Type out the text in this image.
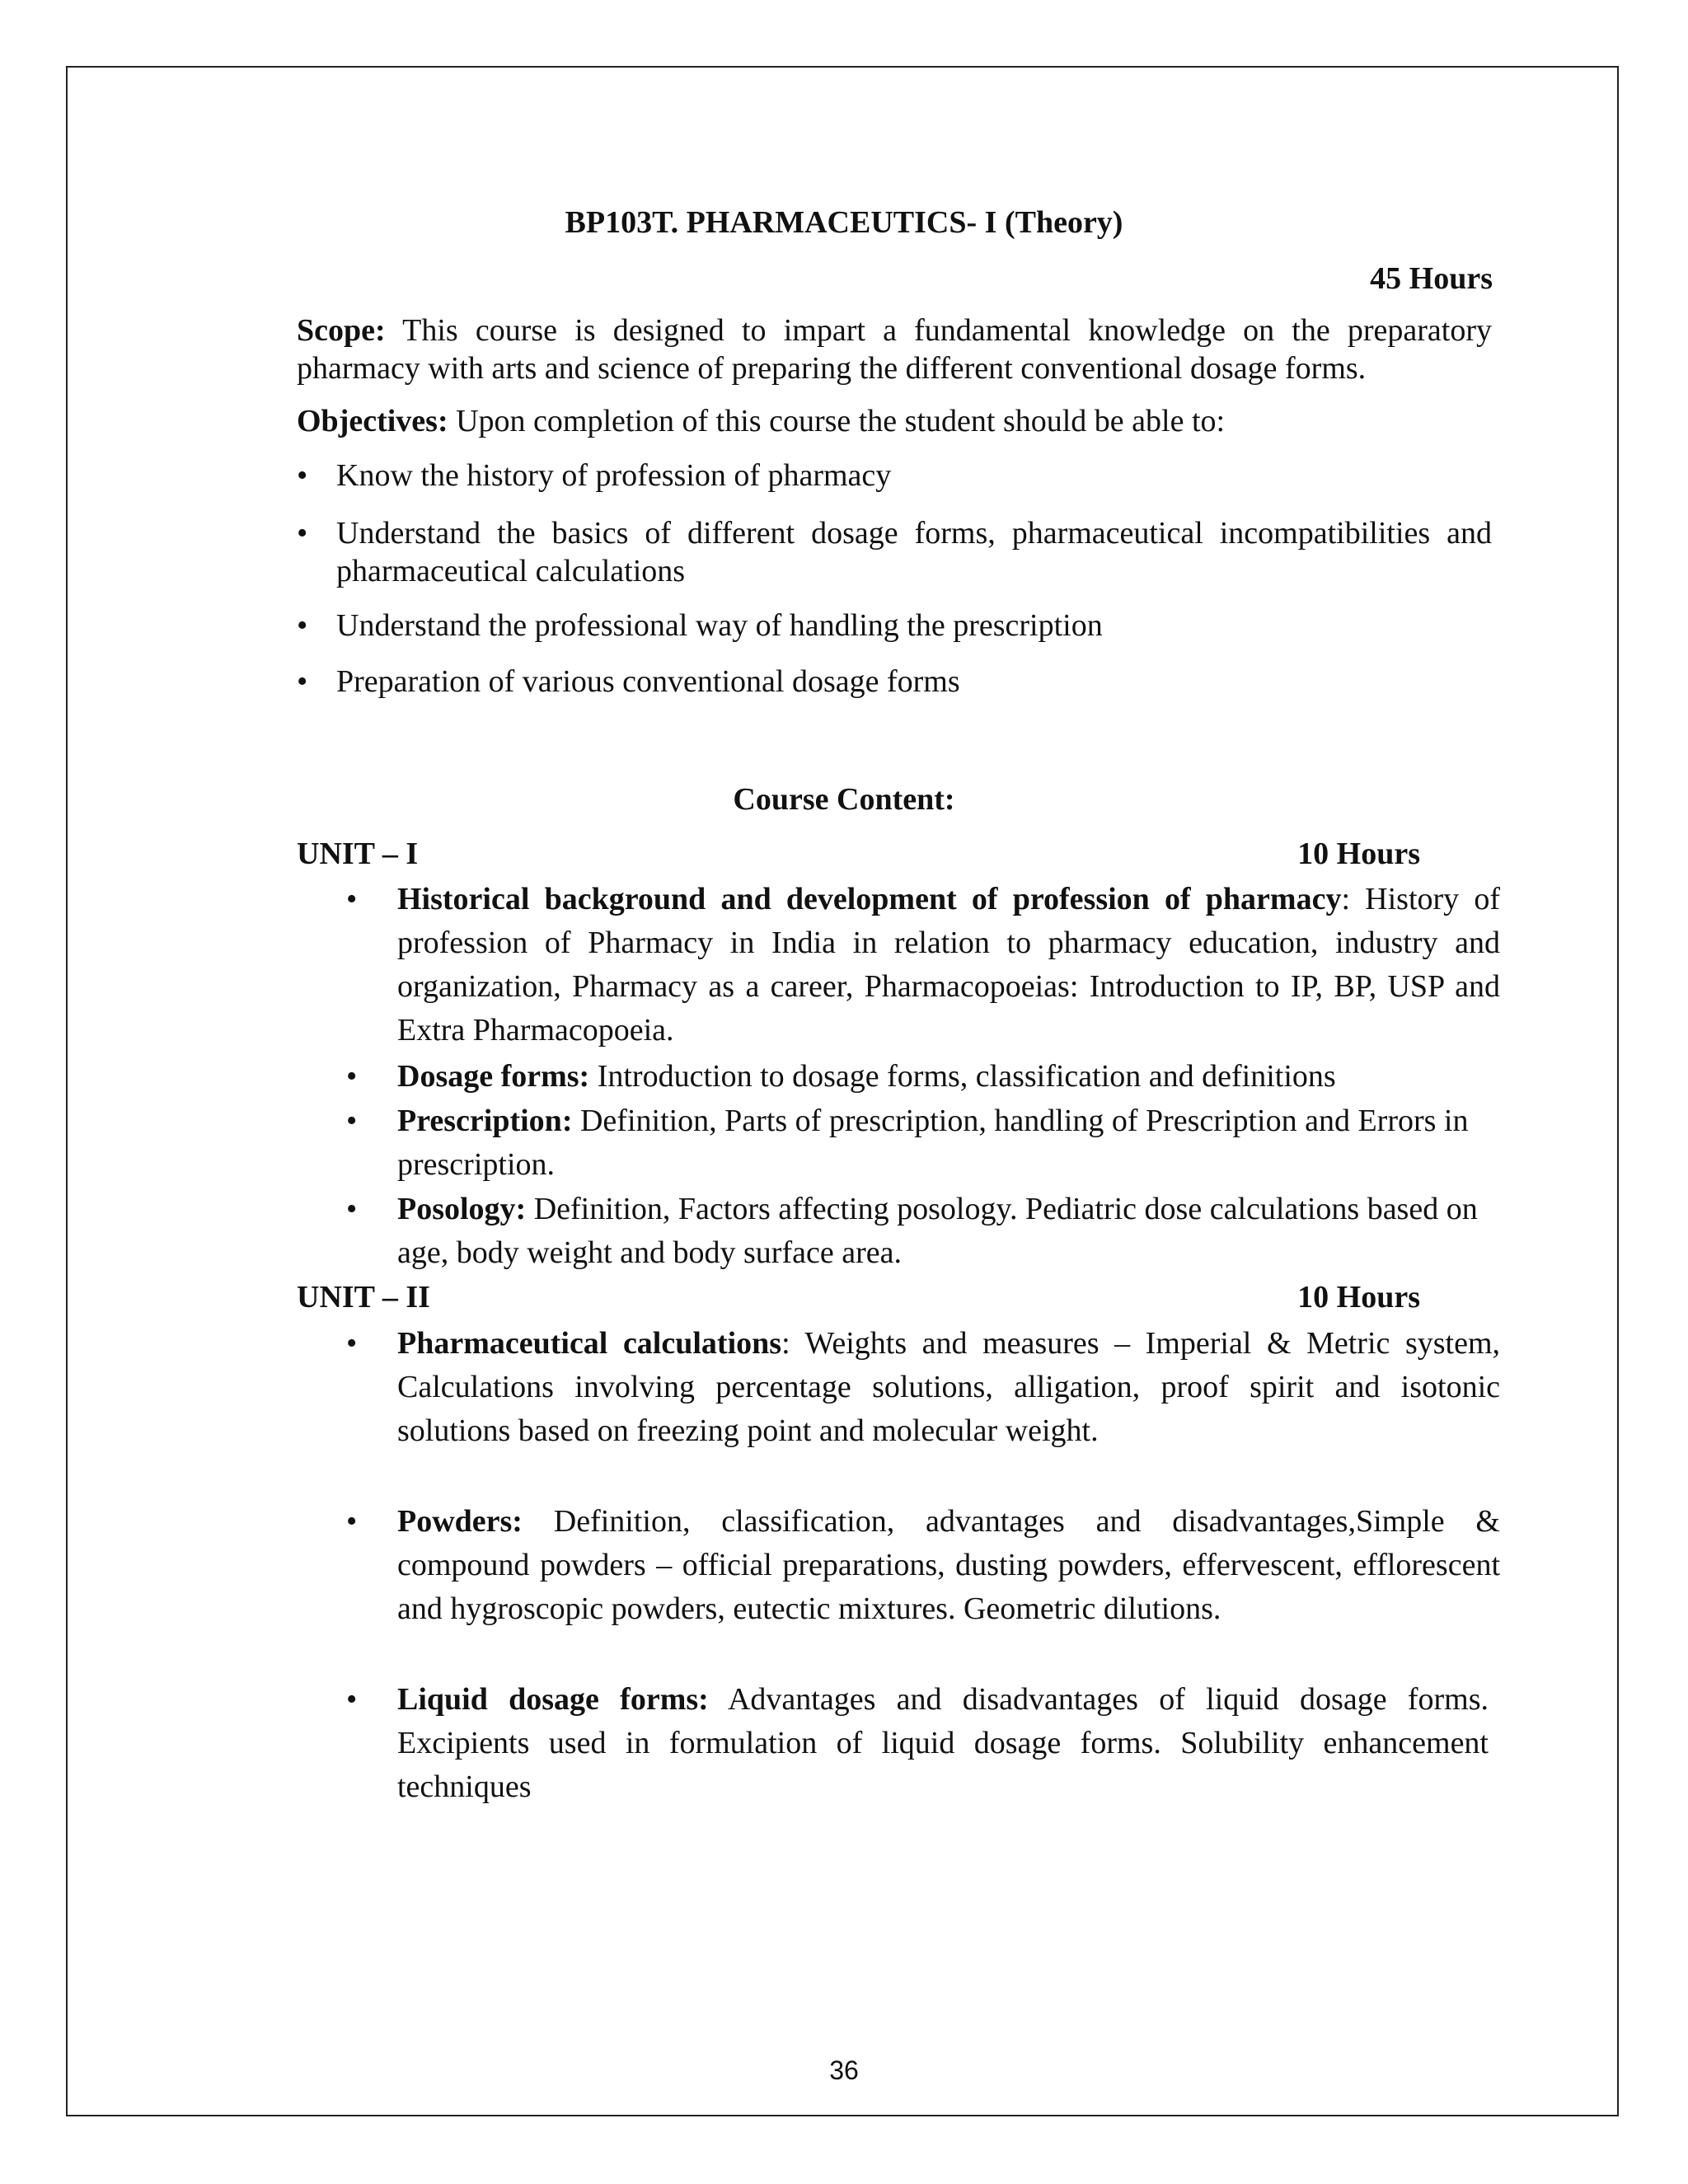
BP103T. PHARMACEUTICS- I (Theory)
45 Hours
Scope: This course is designed to impart a fundamental knowledge on the preparatory pharmacy with arts and science of preparing the different conventional dosage forms.
Objectives: Upon completion of this course the student should be able to:
• Know the history of profession of pharmacy
• Understand the basics of different dosage forms, pharmaceutical incompatibilities and pharmaceutical calculations
• Understand the professional way of handling the prescription
• Preparation of various conventional dosage forms
Course Content:
UNIT – I	10 Hours
• Historical background and development of profession of pharmacy: History of profession of Pharmacy in India in relation to pharmacy education, industry and organization, Pharmacy as a career, Pharmacopoeias: Introduction to IP, BP, USP and Extra Pharmacopoeia.
• Dosage forms: Introduction to dosage forms, classification and definitions
• Prescription: Definition, Parts of prescription, handling of Prescription and Errors in prescription.
• Posology: Definition, Factors affecting posology. Pediatric dose calculations based on age, body weight and body surface area.
UNIT – II	10 Hours
• Pharmaceutical calculations: Weights and measures – Imperial & Metric system, Calculations involving percentage solutions, alligation, proof spirit and isotonic solutions based on freezing point and molecular weight.
• Powders: Definition, classification, advantages and disadvantages,Simple & compound powders – official preparations, dusting powders, effervescent, efflorescent and hygroscopic powders, eutectic mixtures. Geometric dilutions.
• Liquid dosage forms: Advantages and disadvantages of liquid dosage forms. Excipients used in formulation of liquid dosage forms. Solubility enhancement techniques
36
